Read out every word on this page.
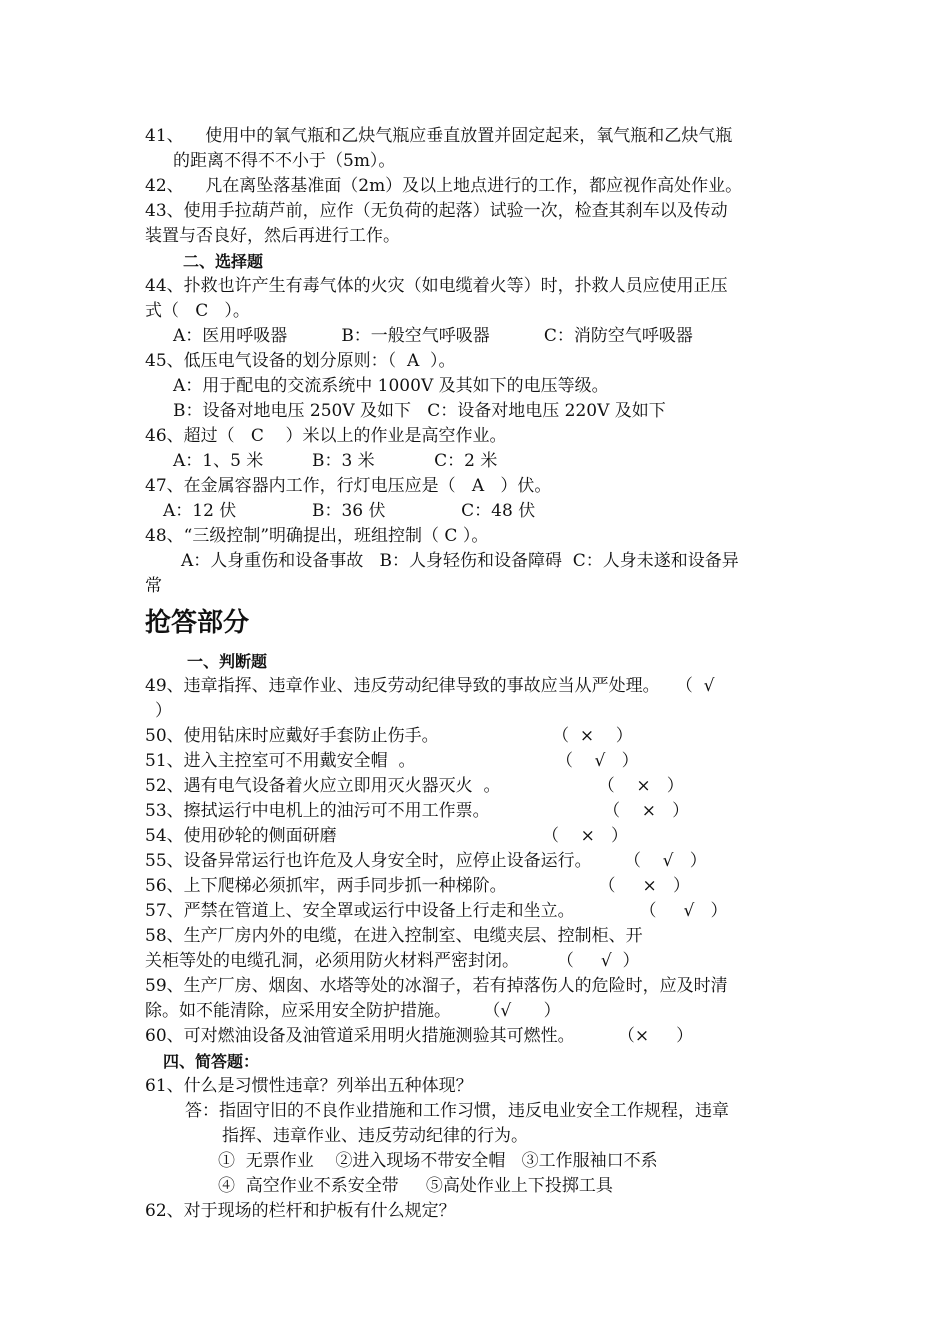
41、    使用中的氧气瓶和乙炔气瓶应垂直放置并固定起来，氧气瓶和乙炔气瓶
的距离不得不不小于（5m）。
42、    凡在离坠落基准面（2m）及以上地点进行的工作，都应视作高处作业。
43、使用手拉葫芦前，应作（无负荷的起落）试验一次，检查其刹车以及传动
装置与否良好，然后再进行工作。
二、选择题
44、扑救也许产生有毒气体的火灾（如电缆着火等）时，扑救人员应使用正压
式（   C   ）。
A：医用呼吸器          B：一般空气呼吸器          C：消防空气呼吸器
45、低压电气设备的划分原则：（  A  ）。
A：用于配电的交流系统中 1000V 及其如下的电压等级。
B：设备对地电压 250V 及如下   C：设备对地电压 220V 及如下
46、超过（   C    ）米以上的作业是高空作业。
A：1、5 米         B：3 米           C：2 米
47、在金属容器内工作，行灯电压应是（   A   ）伏。
A：12 伏              B：36 伏              C：48 伏
48、“三级控制”明确提出，班组控制（ C ）。
A：人身重伤和设备事故   B：人身轻伤和设备障碍  C：人身未遂和设备异
常
抢答部分
一、判断题
49、违章指挥、违章作业、违反劳动纪律导致的事故应当从严处理。   （  √
）
50、使用钻床时应戴好手套防止伤手。                     （  ×    ）
51、进入主控室可不用戴安全帽  。                          （    √   ）
52、遇有电气设备着火应立即用灭火器灭火  。                  （    ×   ）
53、擦拭运行中电机上的油污可不用工作票。                     （    ×   ）
54、使用砂轮的侧面研磨                                      （    ×   ）
55、设备异常运行也许危及人身安全时，应停止设备运行。      （    √   ）
56、上下爬梯必须抓牢，两手同步抓一种梯阶。                 （     ×   ）
57、严禁在管道上、安全罩或运行中设备上行走和坐立。            （     √   ）
58、生产厂房内外的电缆，在进入控制室、电缆夹层、控制柜、开
关柜等处的电缆孔洞，必须用防火材料严密封闭。       （     √  ）
59、生产厂房、烟囱、水塔等处的冰溜子，若有掉落伤人的危险时，应及时清
除。如不能清除，应采用安全防护措施。      （√      ）
60、可对燃油设备及油管道采用明火措施测验其可燃性。        （×     ）
四、简答题：
61、什么是习惯性违章？列举出五种体现？
答：指固守旧的不良作业措施和工作习惯，违反电业安全工作规程，违章
指挥、违章作业、违反劳动纪律的行为。
①  无票作业    ②进入现场不带安全帽   ③工作服袖口不系
④  高空作业不系安全带     ⑤高处作业上下投掷工具
62、对于现场的栏杆和护板有什么规定？
